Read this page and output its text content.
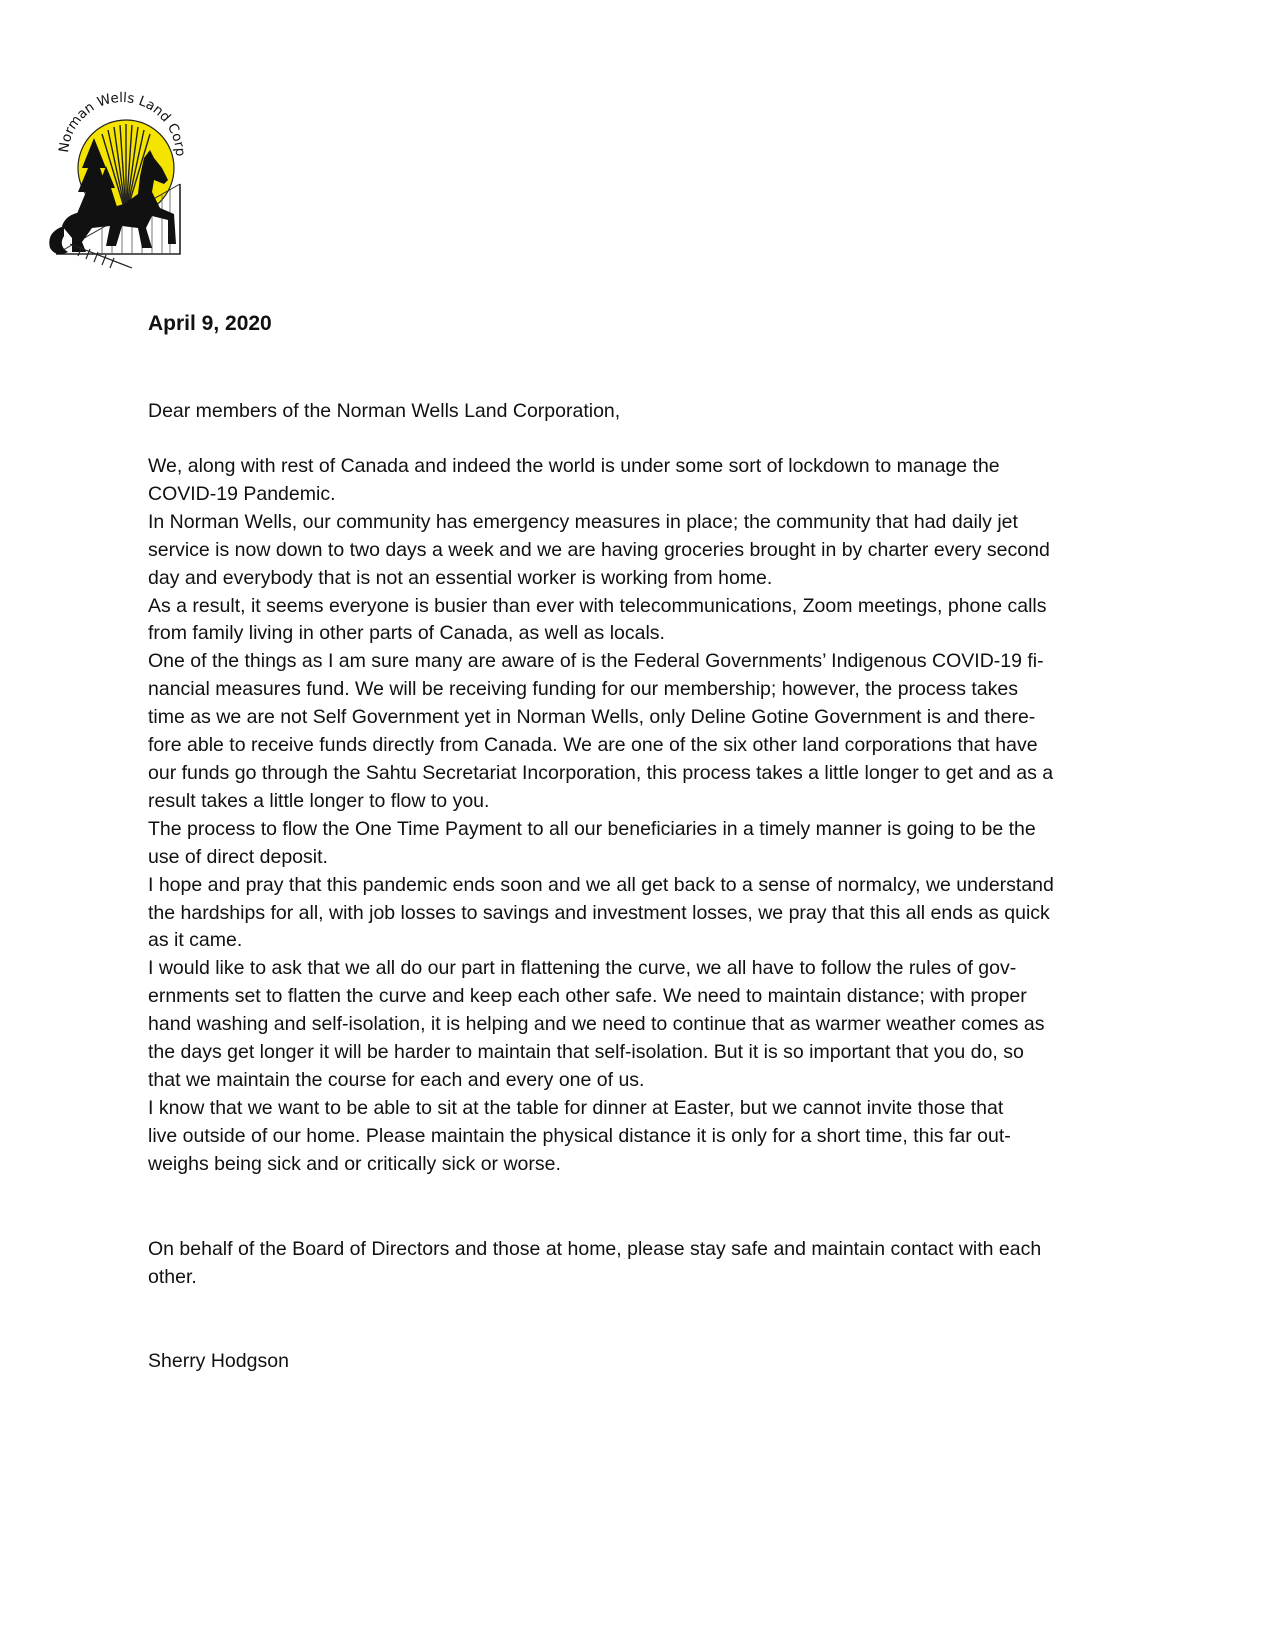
Norman Wells Land Corp

April 9, 2020

Dear members of the Norman Wells Land Corporation,

We, along with rest of Canada and indeed the world is under some sort of lockdown to manage the
COVID-19 Pandemic.
In Norman Wells, our community has emergency measures in place; the community that had daily jet
service is now down to two days a week and we are having groceries brought in by charter every second
day and everybody that is not an essential worker is working from home.
As a result, it seems everyone is busier than ever with telecommunications, Zoom meetings, phone calls
from family living in other parts of Canada, as well as locals.
One of the things as I am sure many are aware of is the Federal Governments’ Indigenous COVID-19 fi-
nancial measures fund. We will be receiving funding for our membership; however, the process takes
time as we are not Self Government yet in Norman Wells, only Deline Gotine Government is and there-
fore able to receive funds directly from Canada. We are one of the six other land corporations that have
our funds go through the Sahtu Secretariat Incorporation, this process takes a little longer to get and as a
result takes a little longer to flow to you.
The process to flow the One Time Payment to all our beneficiaries in a timely manner is going to be the
use of direct deposit.
I hope and pray that this pandemic ends soon and we all get back to a sense of normalcy, we understand
the hardships for all, with job losses to savings and investment losses, we pray that this all ends as quick
as it came.
I would like to ask that we all do our part in flattening the curve, we all have to follow the rules of gov-
ernments set to flatten the curve and keep each other safe. We need to maintain distance; with proper
hand washing and self-isolation, it is helping and we need to continue that as warmer weather comes as
the days get longer it will be harder to maintain that self-isolation. But it is so important that you do, so
that we maintain the course for each and every one of us.
I know that we want to be able to sit at the table for dinner at Easter, but we cannot invite those that
live outside of our home. Please maintain the physical distance it is only for a short time, this far out-
weighs being sick and or critically sick or worse.
On behalf of the Board of Directors and those at home, please stay safe and maintain contact with each
other.

Sherry Hodgson
